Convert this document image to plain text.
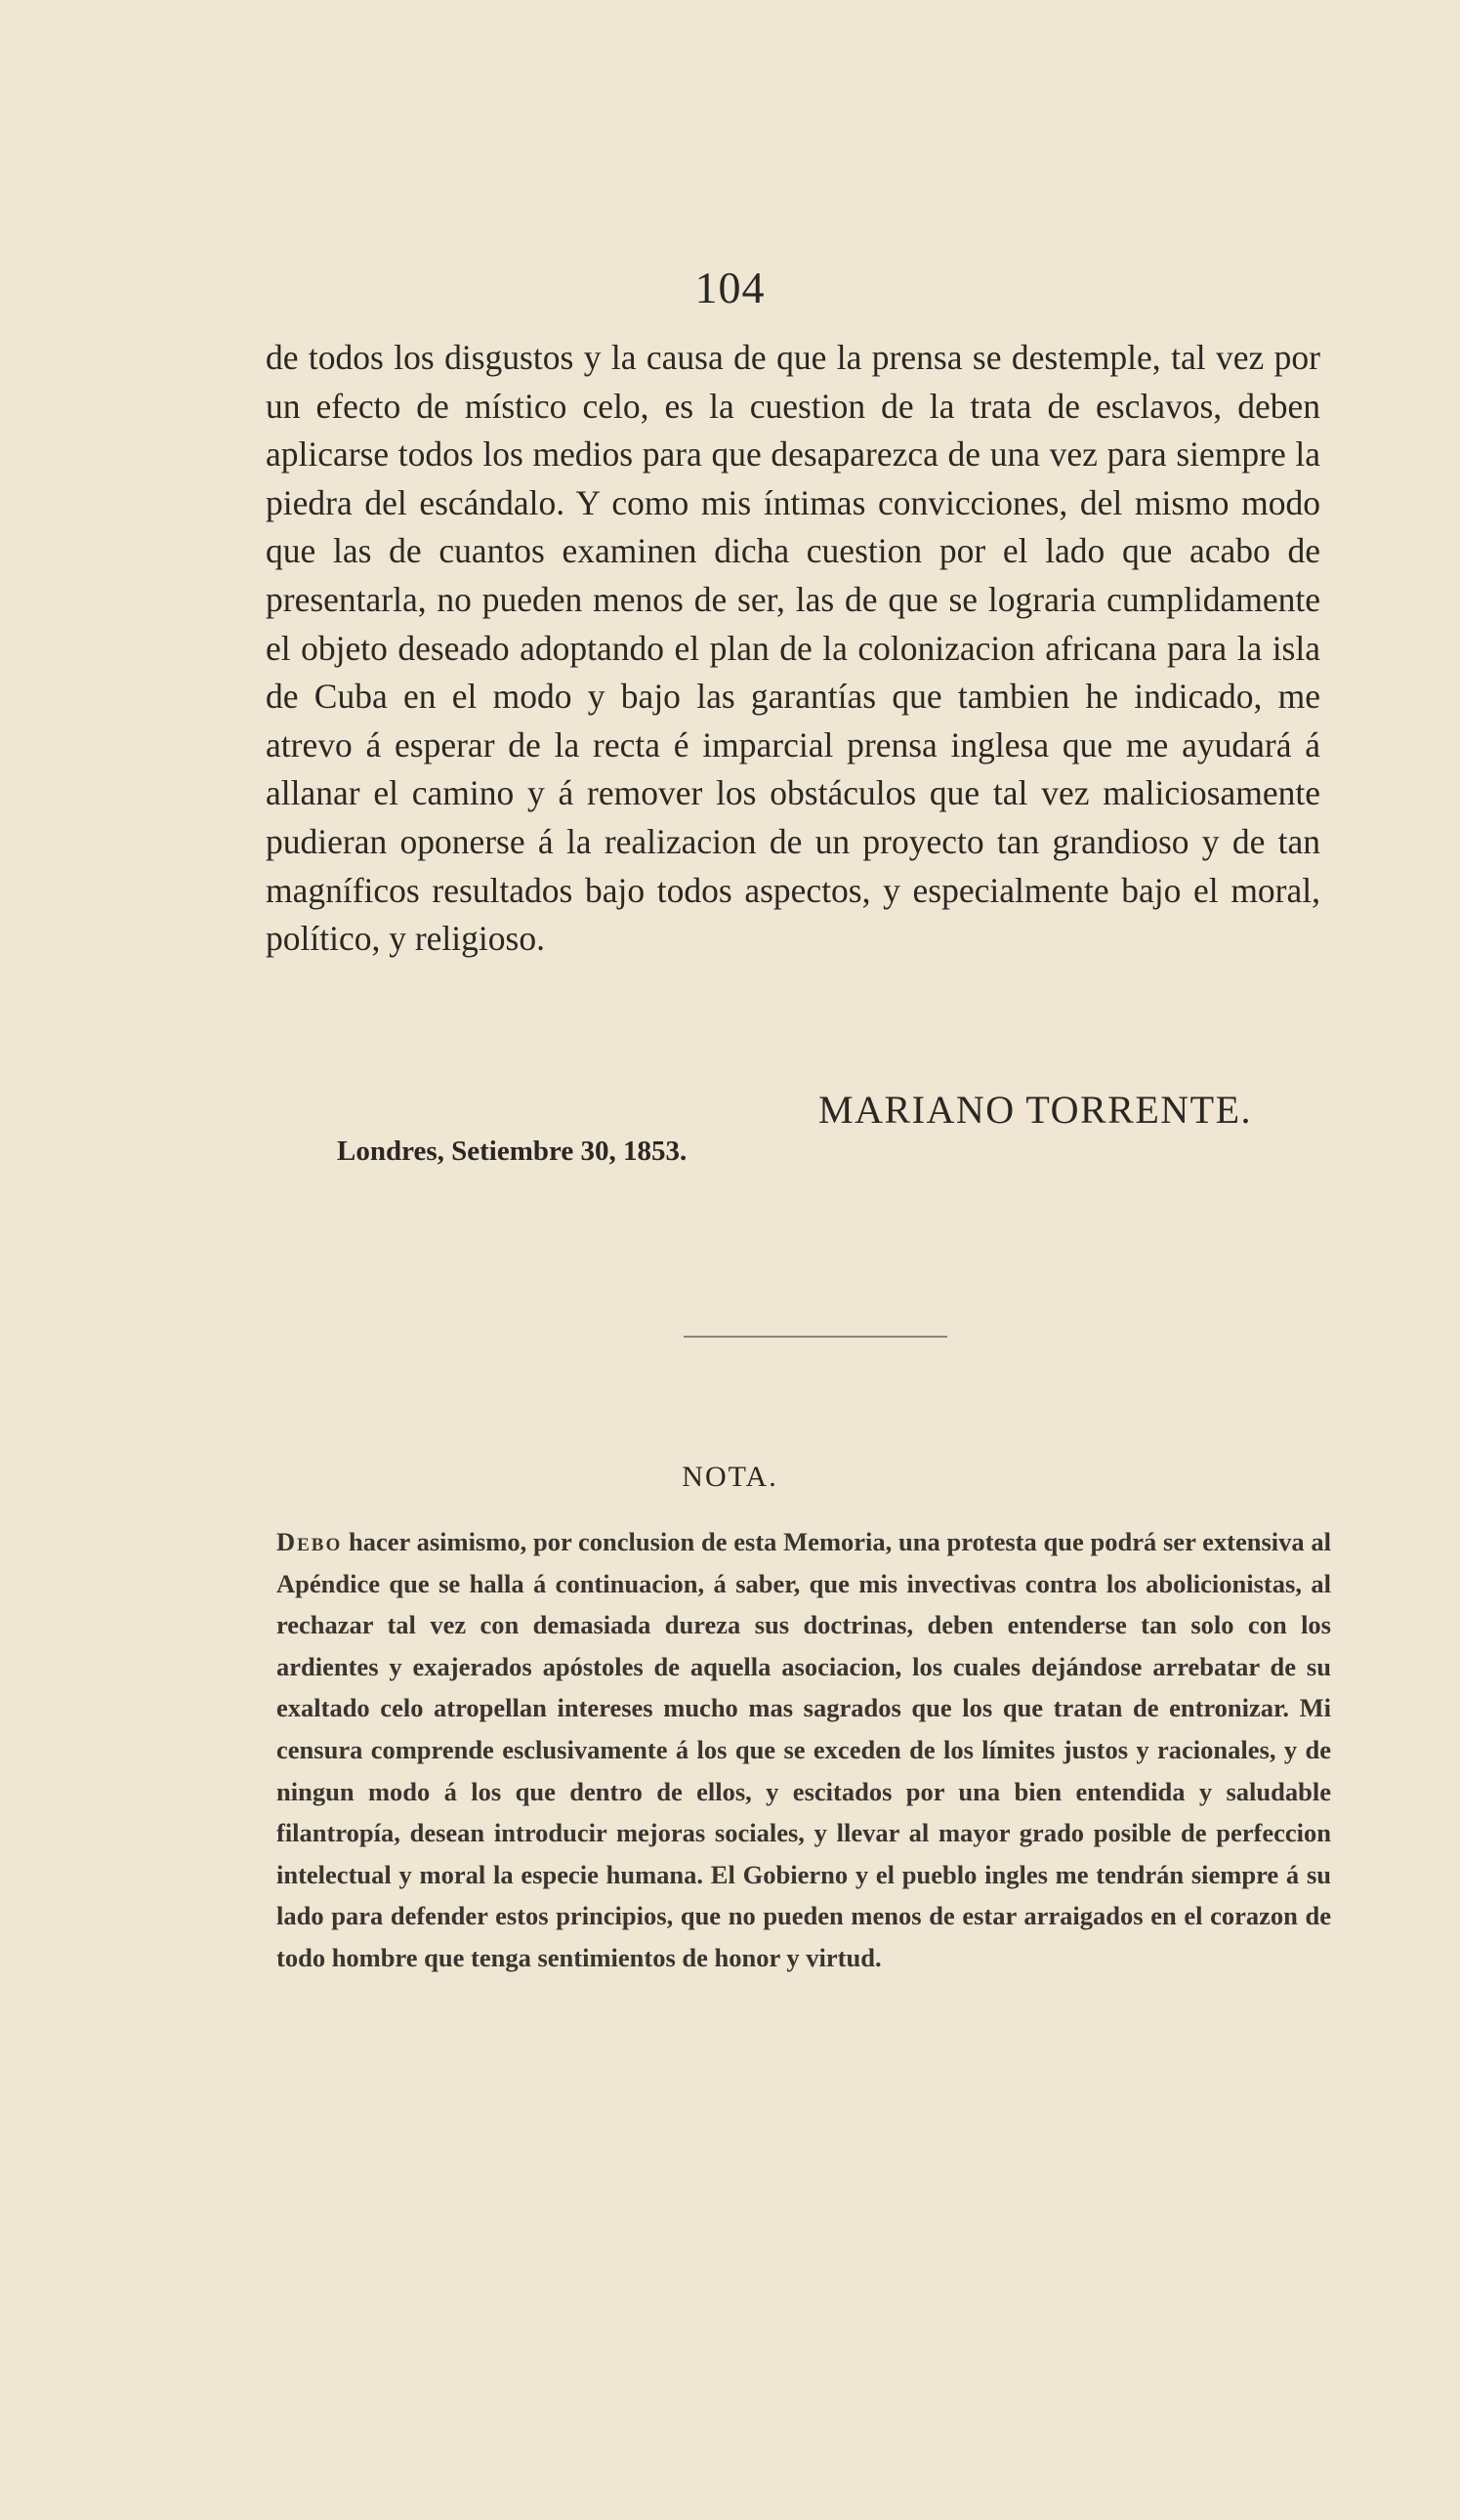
104

de todos los disgustos y la causa de que la prensa se destemple, tal vez por un efecto de místico celo, es la cuestion de la trata de esclavos, deben aplicarse todos los medios para que desaparezca de una vez para siempre la piedra del escándalo. Y como mis íntimas convicciones, del mismo modo que las de cuantos examinen dicha cuestion por el lado que acabo de presentarla, no pueden menos de ser, las de que se lograria cumplidamente el objeto deseado adoptando el plan de la colonizacion africana para la isla de Cuba en el modo y bajo las garantías que tambien he indicado, me atrevo á esperar de la recta é imparcial prensa inglesa que me ayudará á allanar el camino y á remover los obstáculos que tal vez maliciosamente pudieran oponerse á la realizacion de un proyecto tan grandioso y de tan magníficos resultados bajo todos aspectos, y especialmente bajo el moral, político, y religioso.

MARIANO TORRENTE.
Londres, Setiembre 30, 1853.
NOTA.

Debo hacer asimismo, por conclusion de esta Memoria, una protesta que podrá ser extensiva al Apéndice que se halla á continuacion, á saber, que mis invectivas contra los abolicionistas, al rechazar tal vez con demasiada dureza sus doctrinas, deben entenderse tan solo con los ardientes y exajerados apóstoles de aquella asociacion, los cuales dejándose arrebatar de su exaltado celo atropellan intereses mucho mas sagrados que los que tratan de entronizar. Mi censura comprende esclusivamente á los que se exceden de los límites justos y racionales, y de ningun modo á los que dentro de ellos, y escitados por una bien entendida y saludable filantropía, desean introducir mejoras sociales, y llevar al mayor grado posible de perfeccion intelectual y moral la especie humana. El Gobierno y el pueblo ingles me tendrán siempre á su lado para defender estos principios, que no pueden menos de estar arraigados en el corazon de todo hombre que tenga sentimientos de honor y virtud.
